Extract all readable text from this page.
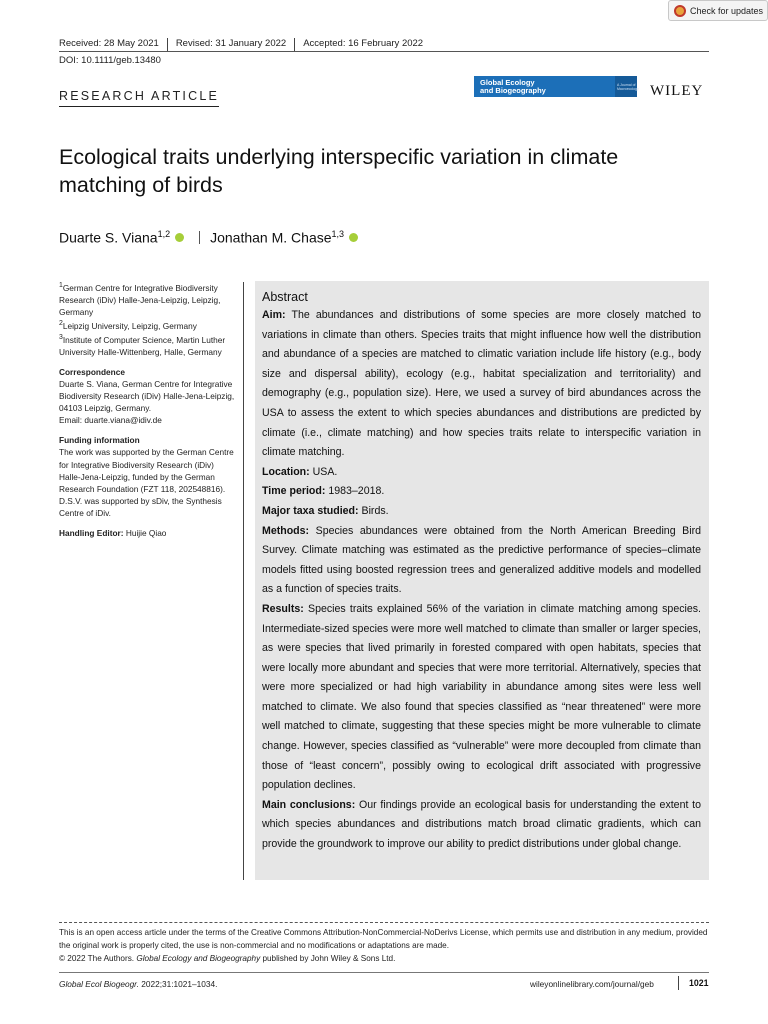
Check for updates
Received: 28 May 2021	Revised: 31 January 2022	Accepted: 16 February 2022
DOI: 10.1111/geb.13480
RESEARCH ARTICLE
Global Ecology
and Biogeography
A Journal of Macroecology WILEY
Ecological traits underlying interspecific variation in climate matching of birds
Duarte S. Viana$^{1,2}$	Jonathan M. Chase$^{1,3}$

$^1$German Centre for Integrative Biodiversity Research (iDiv) Halle-Jena-Leipzig, Leipzig, Germany

$^2$Leipzig University, Leipzig, Germany

$^3$Institute of Computer Science, Martin Luther University Halle-Wittenberg, Halle, Germany

Correspondence

Duarte S. Viana, German Centre for Integrative Biodiversity Research (iDiv) Halle-Jena-Leipzig, 04103 Leipzig, Germany.

Email: duarte.viana@idiv.de

Funding information

The work was supported by the German Centre for Integrative Biodiversity Research (iDiv) Halle-Jena-Leipzig, funded by the German Research Foundation (FZT 118, 202548816). D.S.V. was supported by sDiv, the Synthesis Centre of iDiv.

Handling Editor: Huijie Qiao

Abstract

Aim: The abundances and distributions of some species are more closely matched to variations in climate than others. Species traits that might influence how well the distribution and abundance of a species are matched to climatic variation include life history (e.g., body size and dispersal ability), ecology (e.g., habitat specialization and territoriality) and demography (e.g., population size). Here, we used a survey of bird abundances across the USA to assess the extent to which species abundances and distributions are predicted by climate (i.e., climate matching) and how species traits relate to interspecific variation in climate matching.

Location: USA.

Time period: 1983–2018.

Major taxa studied: Birds.

Methods: Species abundances were obtained from the North American Breeding Bird Survey. Climate matching was estimated as the predictive performance of species–climate models fitted using boosted regression trees and generalized additive models and modelled as a function of species traits.

Results: Species traits explained 56% of the variation in climate matching among species. Intermediate-sized species were more well matched to climate than smaller or larger species, as were species that lived primarily in forested compared with open habitats, species that were locally more abundant and species that were more territorial. Alternatively, species that were more specialized or had high variability in abundance among sites were less well matched to climate. We also found that species classified as “near threatened” were more well matched to climate, suggesting that these species might be more vulnerable to climate change. However, species classified as “vulnerable” were more decoupled from climate than those of “least concern”, possibly owing to ecological drift associated with progressive population declines.

Main conclusions: Our findings provide an ecological basis for understanding the extent to which species abundances and distributions match broad climatic gradients, which can provide the groundwork to improve our ability to predict distributions under global change.

This is an open access article under the terms of the Creative Commons Attribution-NonCommercial-NoDerivs License, which permits use and distribution in any medium, provided the original work is properly cited, the use is non-commercial and no modifications or adaptations are made.
© 2022 The Authors. Global Ecology and Biogeography published by John Wiley & Sons Ltd.
Global Ecol Biogeogr. 2022;31:1021–1034.	wileyonlinelibrary.com/journal/geb	1021
